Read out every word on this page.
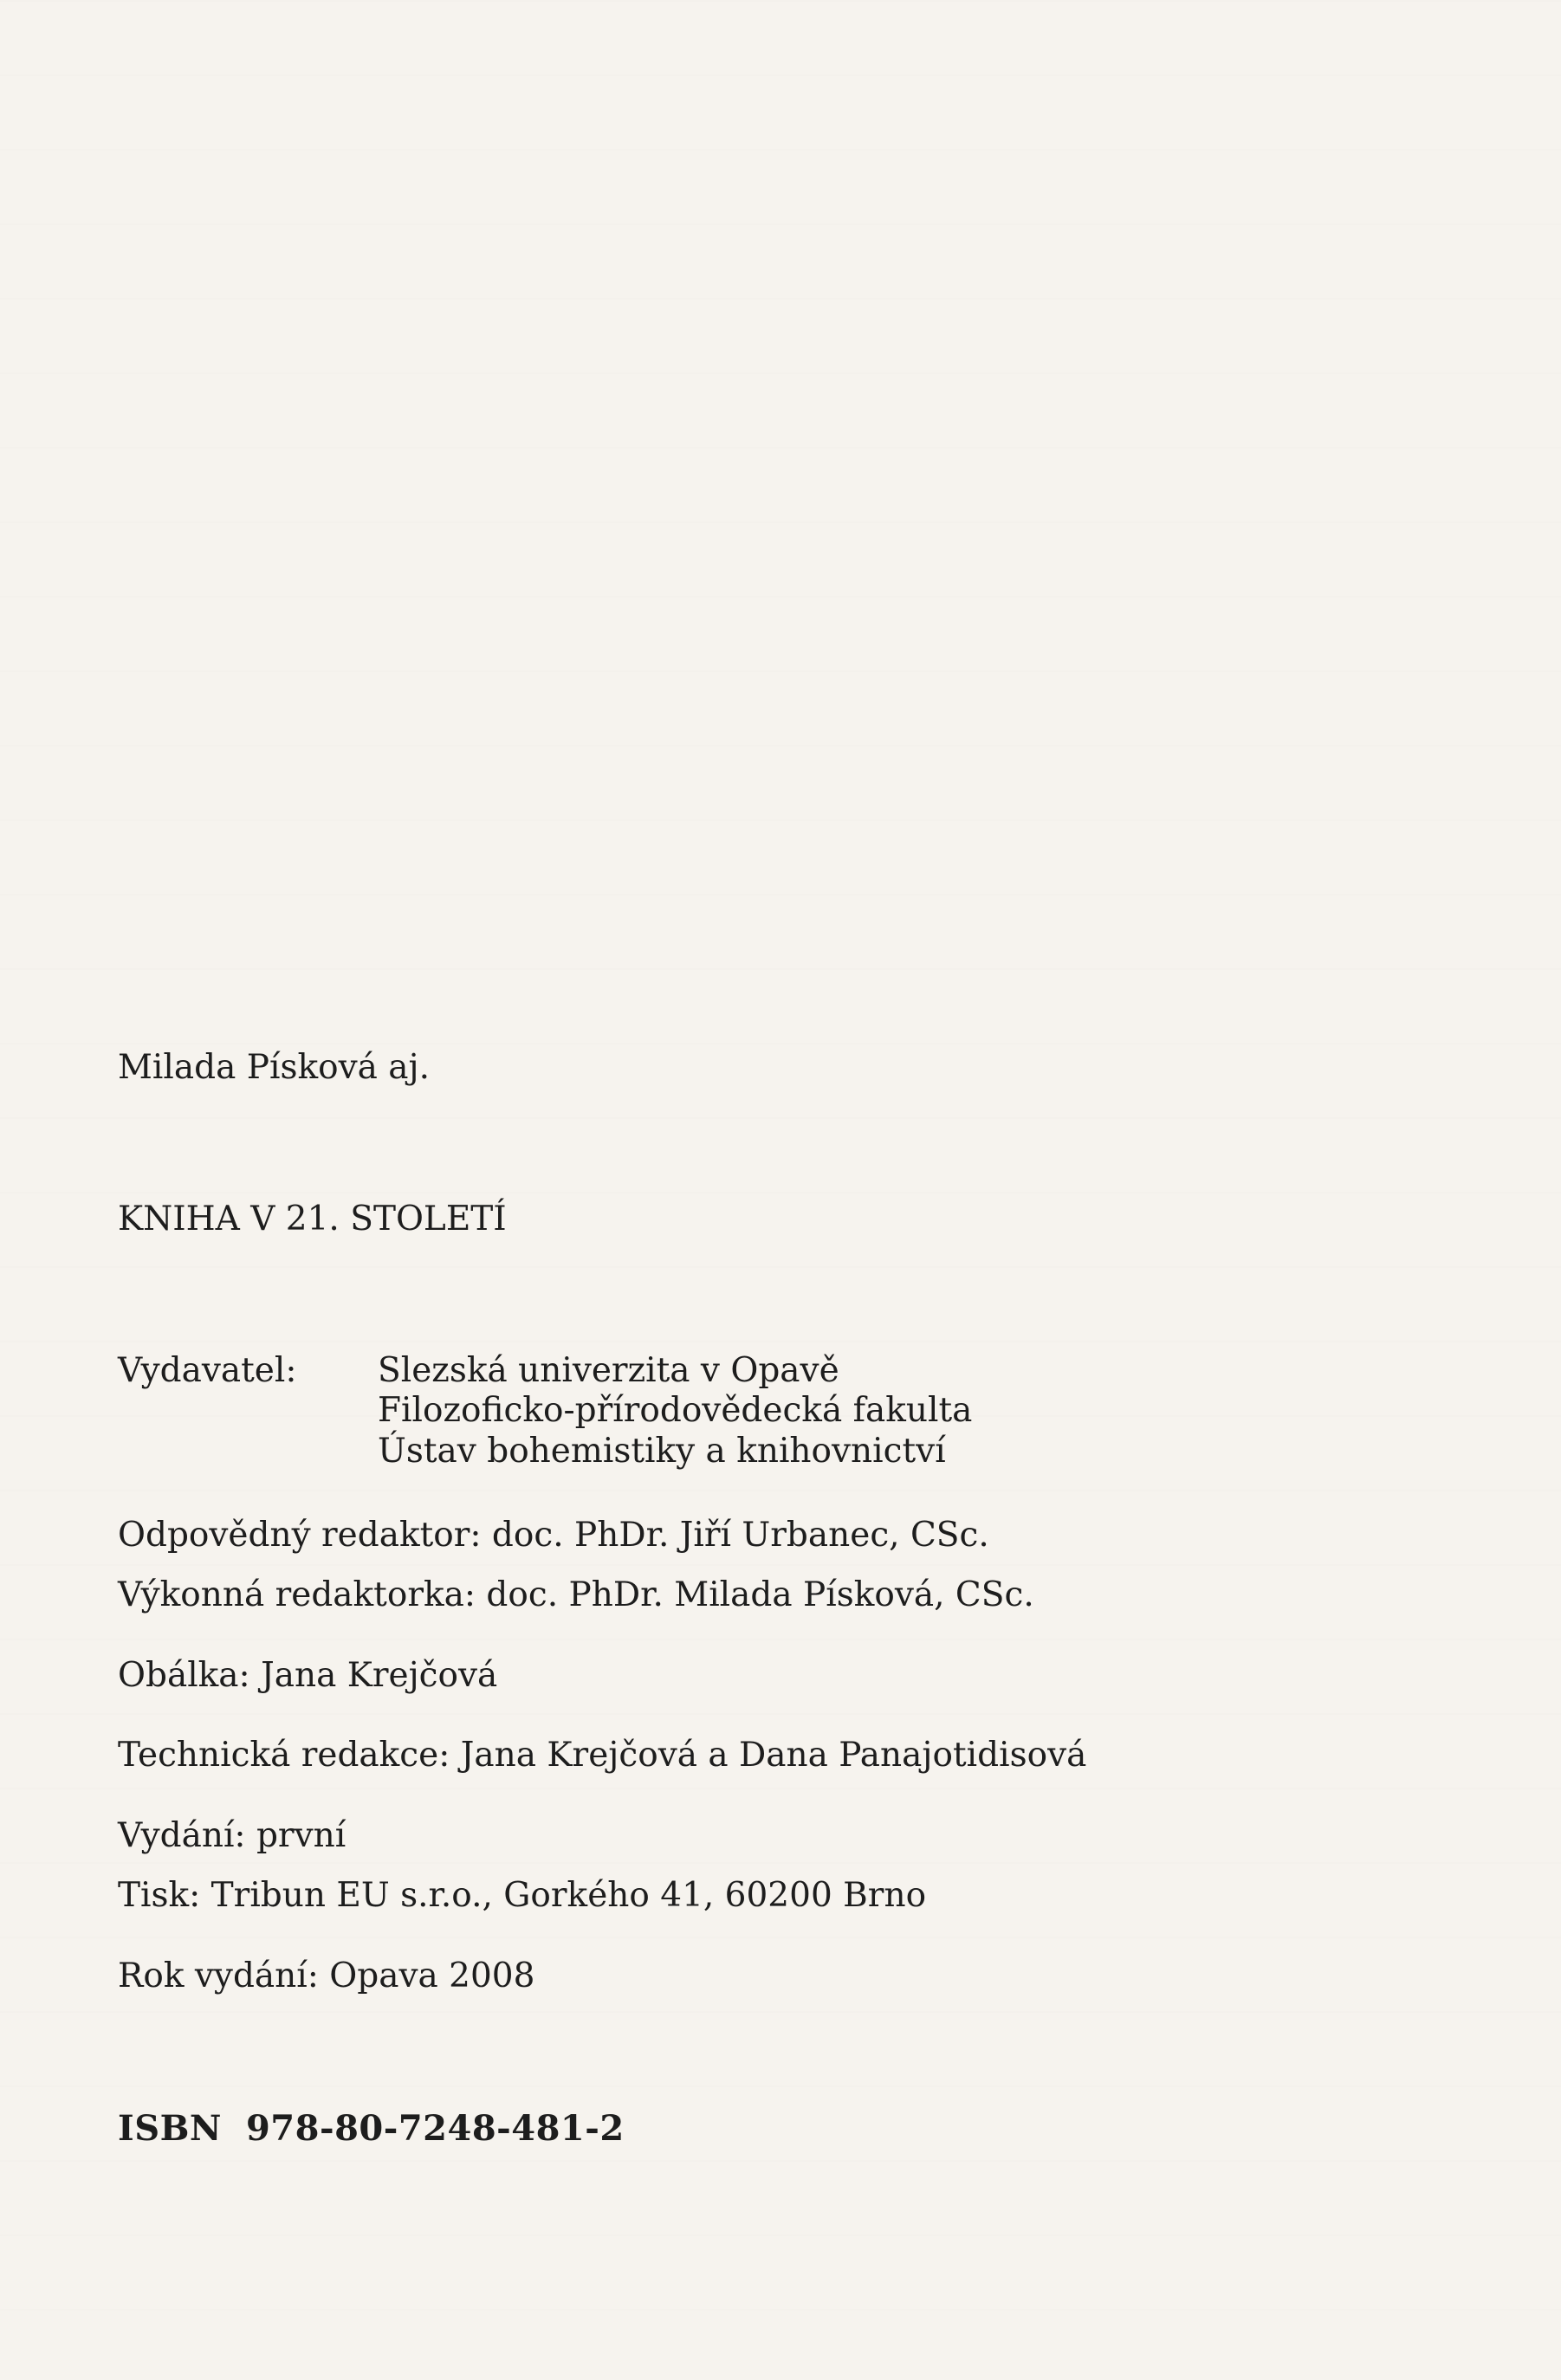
Milada Písková aj.

KNIHA V 21. STOLETÍ

Vydavatel:	Slezská univerzita v Opavě
Filozoficko-přírodovědecká fakulta
Ústav bohemistiky a knihovnictví

Odpovědný redaktor: doc. PhDr. Jiří Urbanec, CSc.

Výkonná redaktorka: doc. PhDr. Milada Písková, CSc.

Obálka: Jana Krejčová

Technická redakce: Jana Krejčová a Dana Panajotidisová

Vydání: první

Tisk: Tribun EU s.r.o., Gorkého 41, 60200 Brno

Rok vydání: Opava 2008

ISBN 978-80-7248-481-2
